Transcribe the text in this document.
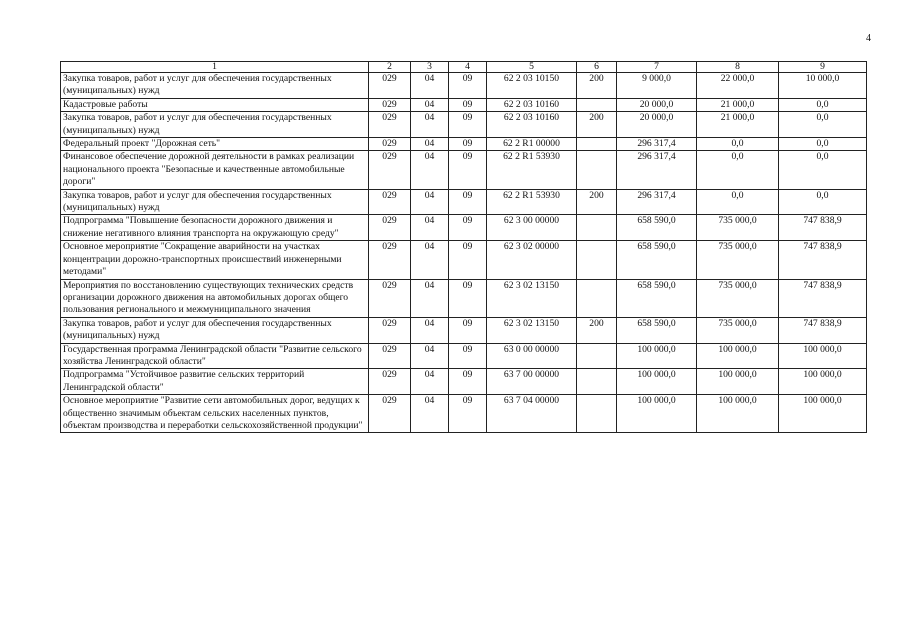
4
1	2	3	4	5	6	7	8	9
Закупка товаров, работ и услуг для обеспечения государственных (муниципальных) нужд	029	04	09	62 2 03 10150	200	9 000,0	22 000,0	10 000,0
Кадастровые работы	029	04	09	62 2 03 10160		20 000,0	21 000,0	0,0
Закупка товаров, работ и услуг для обеспечения государственных (муниципальных) нужд	029	04	09	62 2 03 10160	200	20 000,0	21 000,0	0,0
Федеральный проект "Дорожная сеть"	029	04	09	62 2 R1 00000		296 317,4	0,0	0,0
Финансовое обеспечение дорожной деятельности в рамках реализации национального проекта "Безопасные и качественные автомобильные дороги"	029	04	09	62 2 R1 53930		296 317,4	0,0	0,0
Закупка товаров, работ и услуг для обеспечения государственных (муниципальных) нужд	029	04	09	62 2 R1 53930	200	296 317,4	0,0	0,0
Подпрограмма "Повышение безопасности дорожного движения и снижение негативного влияния транспорта на окружающую среду"	029	04	09	62 3 00 00000		658 590,0	735 000,0	747 838,9
Основное мероприятие "Сокращение аварийности на участках концентрации дорожно-транспортных происшествий инженерными методами"	029	04	09	62 3 02 00000		658 590,0	735 000,0	747 838,9
Мероприятия по восстановлению существующих технических средств организации дорожного движения на автомобильных дорогах общего пользования регионального и межмуниципального значения	029	04	09	62 3 02 13150		658 590,0	735 000,0	747 838,9
Закупка товаров, работ и услуг для обеспечения государственных (муниципальных) нужд	029	04	09	62 3 02 13150	200	658 590,0	735 000,0	747 838,9
Государственная программа Ленинградской области "Развитие сельского хозяйства Ленинградской области"	029	04	09	63 0 00 00000		100 000,0	100 000,0	100 000,0
Подпрограмма "Устойчивое развитие сельских территорий Ленинградской области"	029	04	09	63 7 00 00000		100 000,0	100 000,0	100 000,0
Основное мероприятие "Развитие сети автомобильных дорог, ведущих к общественно значимым объектам сельских населенных пунктов, объектам производства и переработки сельскохозяйственной продукции"	029	04	09	63 7 04 00000		100 000,0	100 000,0	100 000,0
